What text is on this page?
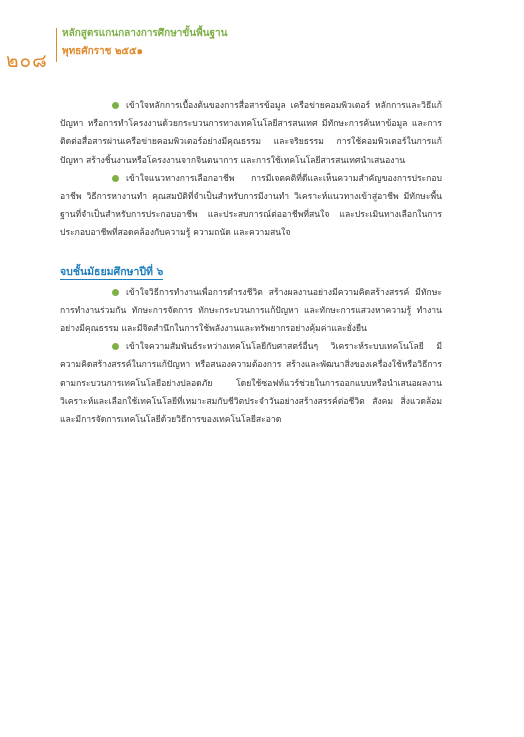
๒๐๘
หลักสูตรแกนกลางการศึกษาขั้นพื้นฐาน
พุทธศักราช ๒๕๕๑

เข้าใจหลักการเบื้องต้นของการสื่อสารข้อมูล เครือข่ายคอมพิวเตอร์ หลักการและวิธีแก้ปัญหา หรือการทำโครงงานด้วยกระบวนการทางเทคโนโลยีสารสนเทศ มีทักษะการค้นหาข้อมูล และการติดต่อสื่อสารผ่านเครือข่ายคอมพิวเตอร์อย่างมีคุณธรรม และจริยธรรม การใช้คอมพิวเตอร์ในการแก้ปัญหา สร้างชิ้นงานหรือโครงงานจากจินตนาการ และการใช้เทคโนโลยีสารสนเทศนำเสนองาน

เข้าใจแนวทางการเลือกอาชีพ การมีเจตคติที่ดีและเห็นความสำคัญของการประกอบอาชีพ วิธีการหางานทำ คุณสมบัติที่จำเป็นสำหรับการมีงานทำ วิเคราะห์แนวทางเข้าสู่อาชีพ มีทักษะพื้นฐานที่จำเป็นสำหรับการประกอบอาชีพ และประสบการณ์ต่ออาชีพที่สนใจ และประเมินทางเลือกในการประกอบอาชีพที่สอดคล้องกับความรู้ ความถนัด และความสนใจ

จบชั้นมัธยมศึกษาปีที่ ๖

เข้าใจวิธีการทำงานเพื่อการดำรงชีวิต สร้างผลงานอย่างมีความคิดสร้างสรรค์ มีทักษะการทำงานร่วมกัน ทักษะการจัดการ ทักษะกระบวนการแก้ปัญหา และทักษะการแสวงหาความรู้ ทำงานอย่างมีคุณธรรม และมีจิตสำนึกในการใช้พลังงานและทรัพยากรอย่างคุ้มค่าและยั่งยืน

เข้าใจความสัมพันธ์ระหว่างเทคโนโลยีกับศาสตร์อื่นๆ วิเคราะห์ระบบเทคโนโลยี มีความคิดสร้างสรรค์ในการแก้ปัญหา หรือสนองความต้องการ สร้างและพัฒนาสิ่งของเครื่องใช้หรือวิธีการ ตามกระบวนการเทคโนโลยีอย่างปลอดภัย โดยใช้ซอฟท์แวร์ช่วยในการออกแบบหรือนำเสนอผลงาน วิเคราะห์และเลือกใช้เทคโนโลยีที่เหมาะสมกับชีวิตประจำวันอย่างสร้างสรรค์ต่อชีวิต สังคม สิ่งแวดล้อม และมีการจัดการเทคโนโลยีด้วยวิธีการของเทคโนโลยีสะอาด
